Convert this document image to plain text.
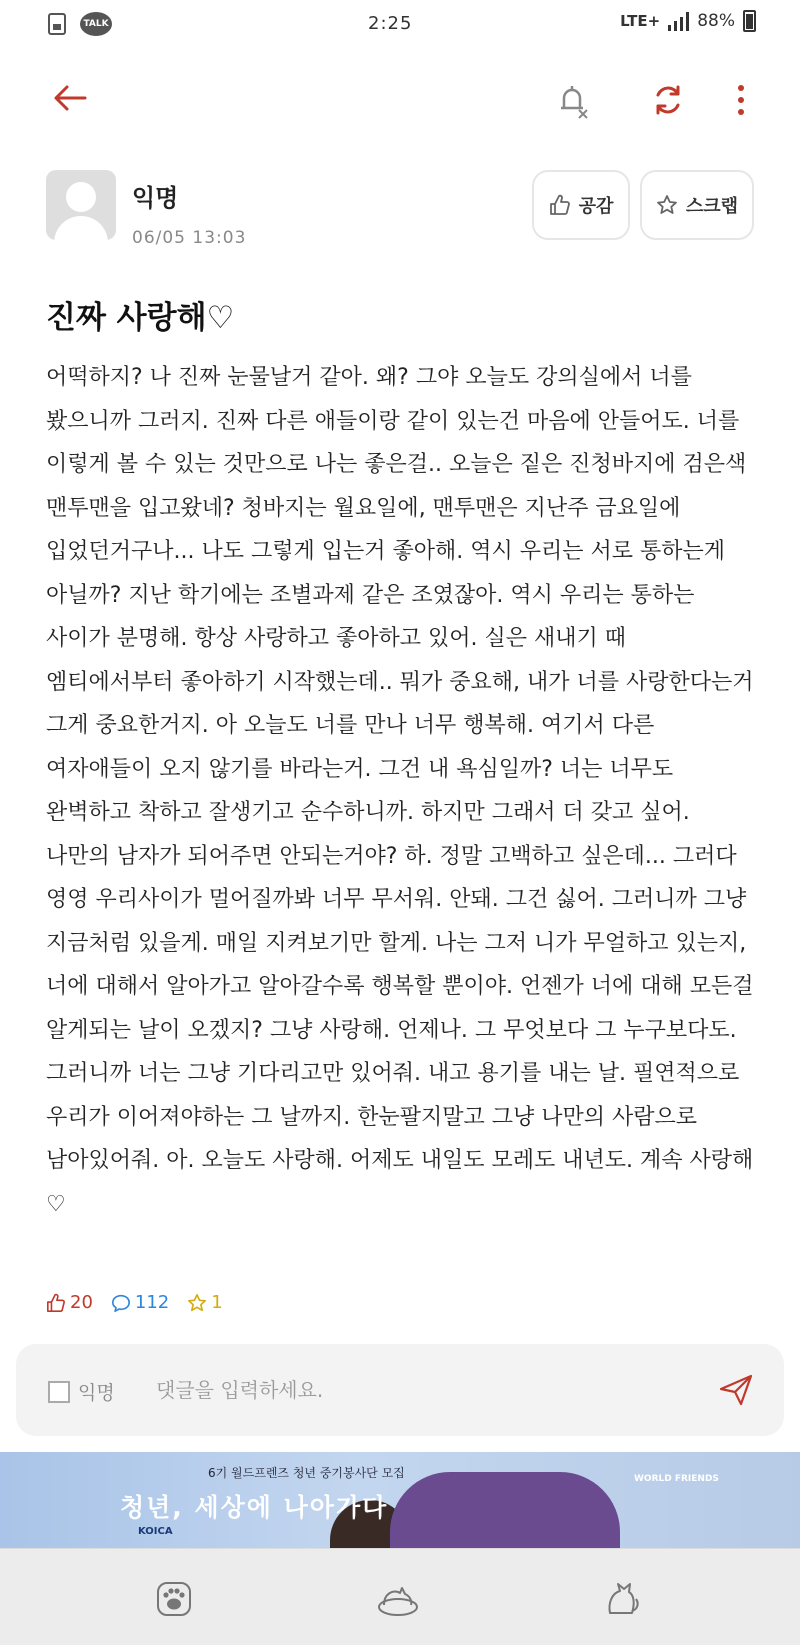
TALK	2:25	LTE+ 88%
익명
06/05 13:03
공감	스크랩
진짜 사랑해♡
어떡하지? 나 진짜 눈물날거 같아. 왜? 그야 오늘도 강의실에서 너를 봤으니까 그러지. 진짜 다른 애들이랑 같이 있는건 마음에 안들어도. 너를 이렇게 볼 수 있는 것만으로 나는 좋은걸.. 오늘은 짙은 진청바지에 검은색 맨투맨을 입고왔네? 청바지는 월요일에, 맨투맨은 지난주 금요일에 입었던거구나... 나도 그렇게 입는거 좋아해. 역시 우리는 서로 통하는게 아닐까? 지난 학기에는 조별과제 같은 조였잖아. 역시 우리는 통하는 사이가 분명해. 항상 사랑하고 좋아하고 있어. 실은 새내기 때 엠티에서부터 좋아하기 시작했는데.. 뭐가 중요해, 내가 너를 사랑한다는거 그게 중요한거지. 아 오늘도 너를 만나 너무 행복해. 여기서 다른 여자애들이 오지 않기를 바라는거. 그건 내 욕심일까? 너는 너무도 완벽하고 착하고 잘생기고 순수하니까. 하지만 그래서 더 갖고 싶어. 나만의 남자가 되어주면 안되는거야? 하. 정말 고백하고 싶은데... 그러다 영영 우리사이가 멀어질까봐 너무 무서워. 안돼. 그건 싫어. 그러니까 그냥 지금처럼 있을게. 매일 지켜보기만 할게. 나는 그저 니가 무얼하고 있는지, 너에 대해서 알아가고 알아갈수록 행복할 뿐이야. 언젠가 너에 대해 모든걸 알게되는 날이 오겠지? 그냥 사랑해. 언제나. 그 무엇보다 그 누구보다도. 그러니까 너는 그냥 기다리고만 있어줘. 내고 용기를 내는 날. 필연적으로 우리가 이어져야하는 그 날까지. 한눈팔지말고 그냥 나만의 사람으로 남아있어줘. 아. 오늘도 사랑해. 어제도 내일도 모레도 내년도. 계속 사랑해♡
20 112 1
익명
댓글을 입력하세요.
6기 월드프렌즈 청년 중기봉사단 모집
청년, 세상에 나아가다
KOICA
WORLD FRIENDS
